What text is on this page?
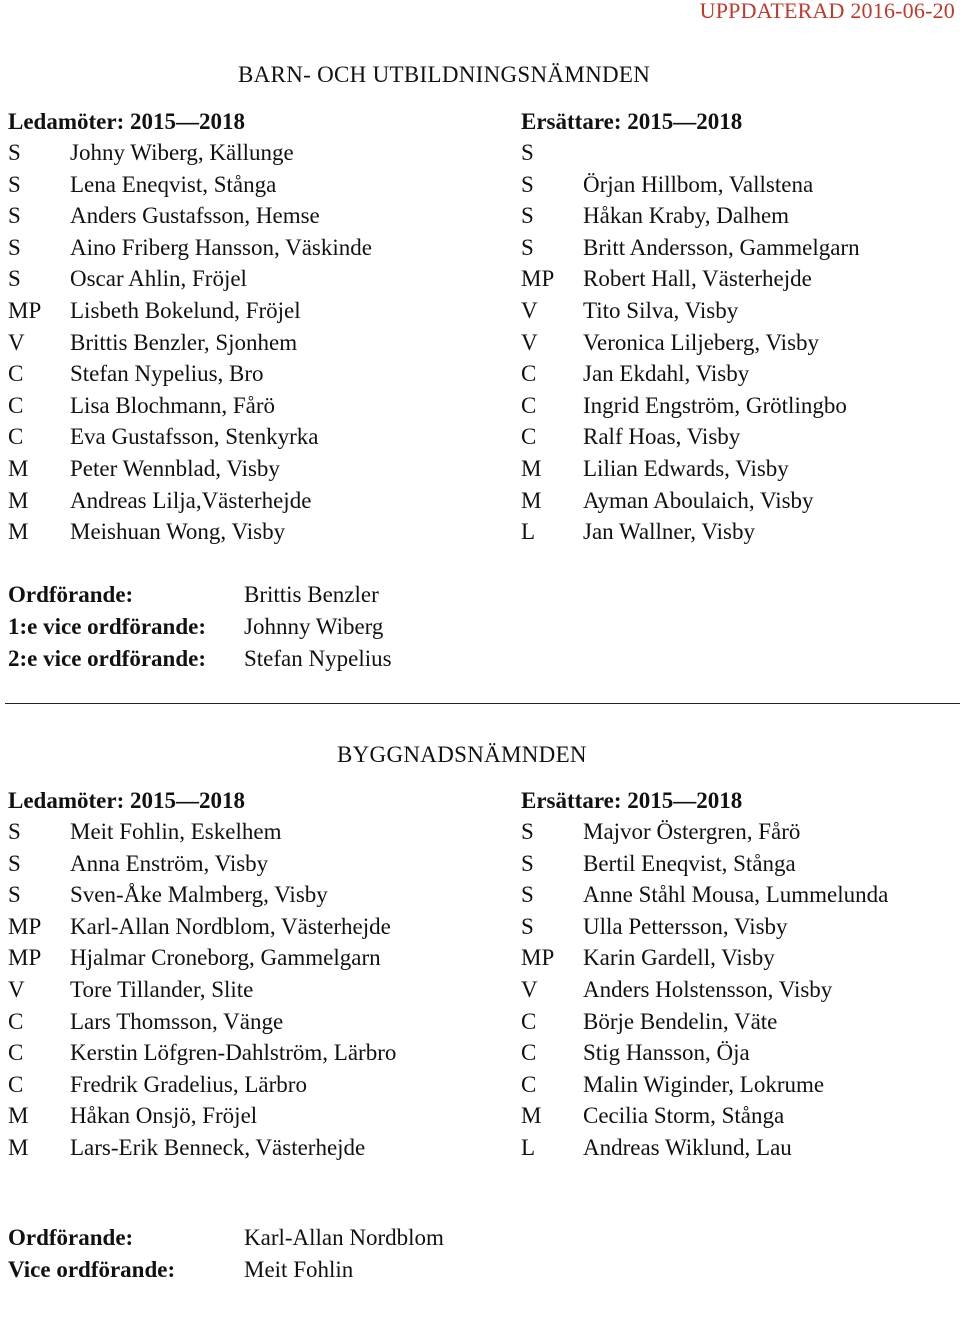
UPPDATERAD 2016-06-20
BARN- OCH UTBILDNINGSNÄMNDEN
Ledamöter: 2015—2018	Ersättare: 2015—2018
S Johny Wiberg, Källunge
S Lena Eneqvist, Stånga
S Anders Gustafsson, Hemse
S Aino Friberg Hansson, Väskinde
S Oscar Ahlin, Fröjel
MP Lisbeth Bokelund, Fröjel
V Brittis Benzler, Sjonhem
C Stefan Nypelius, Bro
C Lisa Blochmann, Fårö
C Eva Gustafsson, Stenkyrka
M Peter Wennblad, Visby
M Andreas Lilja,Västerhejde
M Meishuan Wong, Visby
S
S Örjan Hillbom, Vallstena
S Håkan Kraby, Dalhem
S Britt Andersson, Gammelgarn
MP Robert Hall, Västerhejde
V Tito Silva, Visby
V Veronica Liljeberg, Visby
C Jan Ekdahl, Visby
C Ingrid Engström, Grötlingbo
C Ralf Hoas, Visby
M Lilian Edwards, Visby
M Ayman Aboulaich, Visby
L Jan Wallner, Visby
Ordförande:	Brittis Benzler
1:e vice ordförande: Johnny Wiberg
2:e vice ordförande: Stefan Nypelius
BYGGNADSNÄMNDEN
Ledamöter: 2015—2018	Ersättare: 2015—2018
S Meit Fohlin, Eskelhem
S Anna Enström, Visby
S Sven-Åke Malmberg, Visby
MP Karl-Allan Nordblom, Västerhejde
MP Hjalmar Croneborg, Gammelgarn
V Tore Tillander, Slite
C Lars Thomsson, Vänge
C Kerstin Löfgren-Dahlström, Lärbro
C Fredrik Gradelius, Lärbro
M Håkan Onsjö, Fröjel
M Lars-Erik Benneck, Västerhejde
S Majvor Östergren, Fårö
S Bertil Eneqvist, Stånga
S Anne Ståhl Mousa, Lummelunda
S Ulla Pettersson, Visby
MP Karin Gardell, Visby
V Anders Holstensson, Visby
C Börje Bendelin, Väte
C Stig Hansson, Öja
C Malin Wiginder, Lokrume
M Cecilia Storm, Stånga
L Andreas Wiklund, Lau
Ordförande:	Karl-Allan Nordblom
Vice ordförande:	Meit Fohlin
